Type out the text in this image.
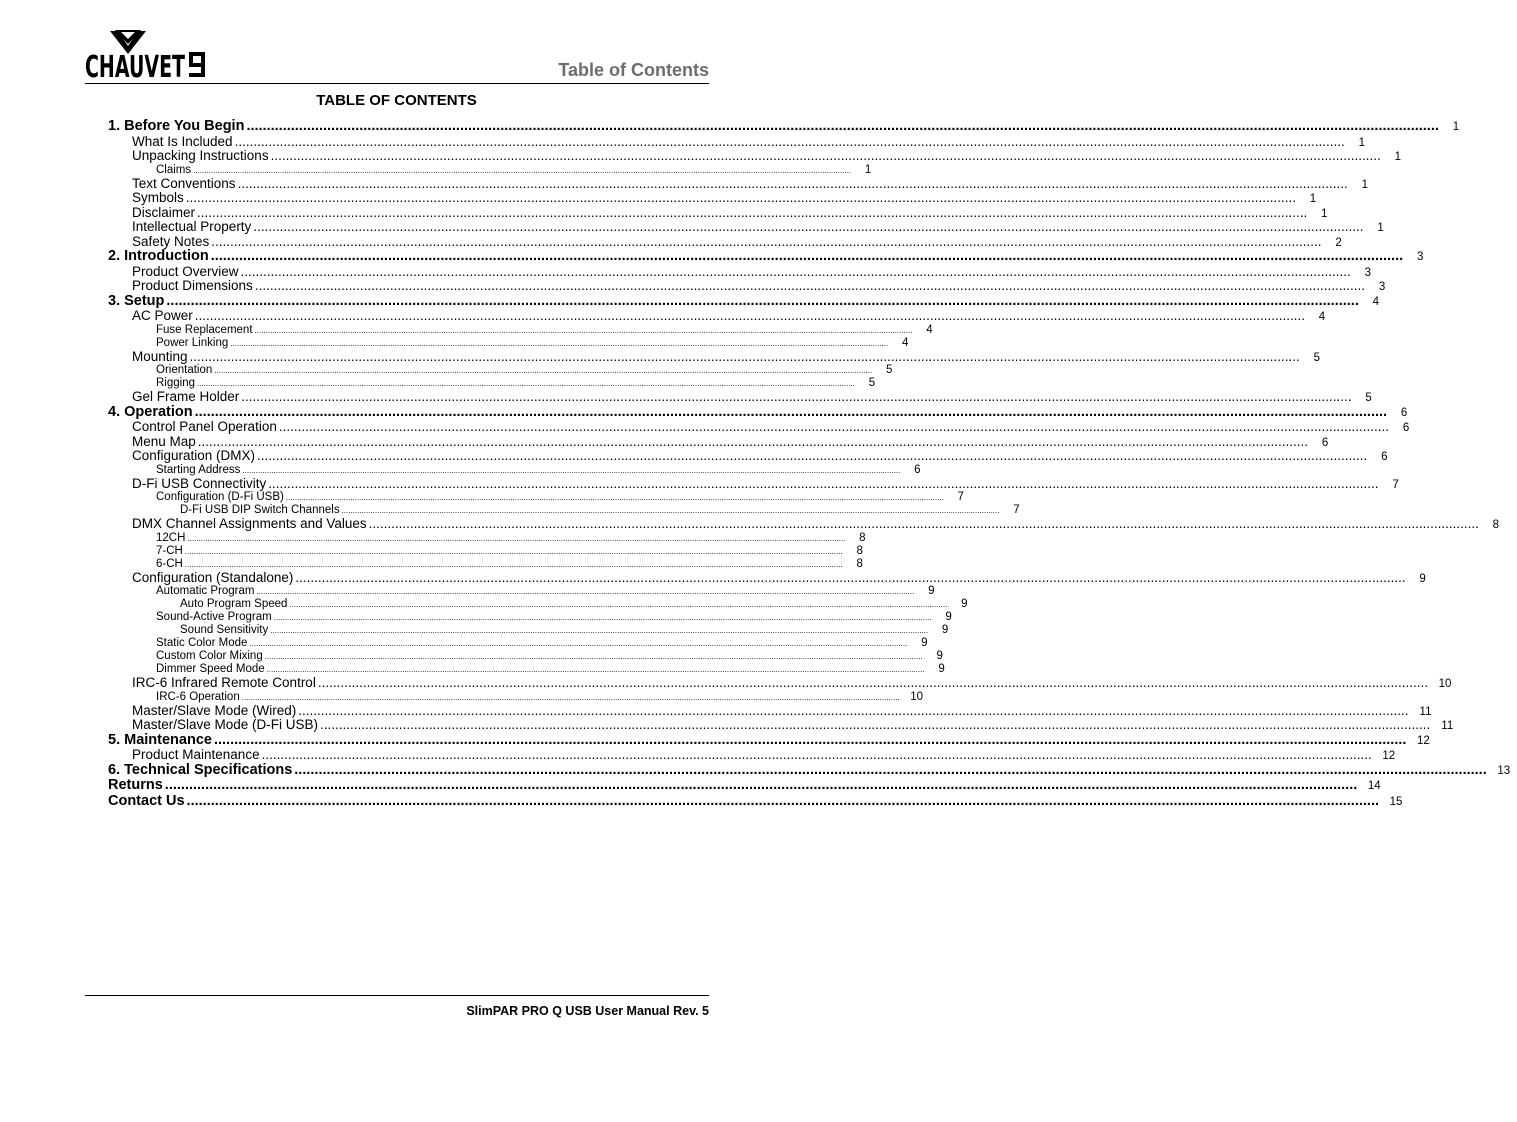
CHAUVET	Table of Contents
TABLE OF CONTENTS
1. Before You Begin .....	1
What Is Included .....	1
Unpacking Instructions .....	1
Claims .....	1
Text Conventions .....	1
Symbols .....	1
Disclaimer .....	1
Intellectual Property .....	1
Safety Notes .....	2
2. Introduction .....	3
Product Overview .....	3
Product Dimensions .....	3
3. Setup .....	4
AC Power .....	4
Fuse Replacement .....	4
Power Linking .....	4
Mounting .....	5
Orientation .....	5
Rigging .....	5
Gel Frame Holder .....	5
4. Operation .....	6
Control Panel Operation .....	6
Menu Map .....	6
Configuration (DMX) .....	6
Starting Address .....	6
D-Fi USB Connectivity .....	7
Configuration (D-Fi USB) .....	7
D-Fi USB DIP Switch Channels .....	7
DMX Channel Assignments and Values .....	8
12CH .....	8
7-CH .....	8
6-CH .....	8
Configuration (Standalone) .....	9
Automatic Program .....	9
Auto Program Speed .....	9
Sound-Active Program .....	9
Sound Sensitivity .....	9
Static Color Mode .....	9
Custom Color Mixing .....	9
Dimmer Speed Mode .....	9
IRC-6 Infrared Remote Control .....	10
IRC-6 Operation .....	10
Master/Slave Mode (Wired) .....	11
Master/Slave Mode (D-Fi USB) .....	11
5. Maintenance .....	12
Product Maintenance .....	12
6. Technical Specifications .....	13
Returns .....	14
Contact Us .....	15
SlimPAR PRO Q USB User Manual Rev. 5
